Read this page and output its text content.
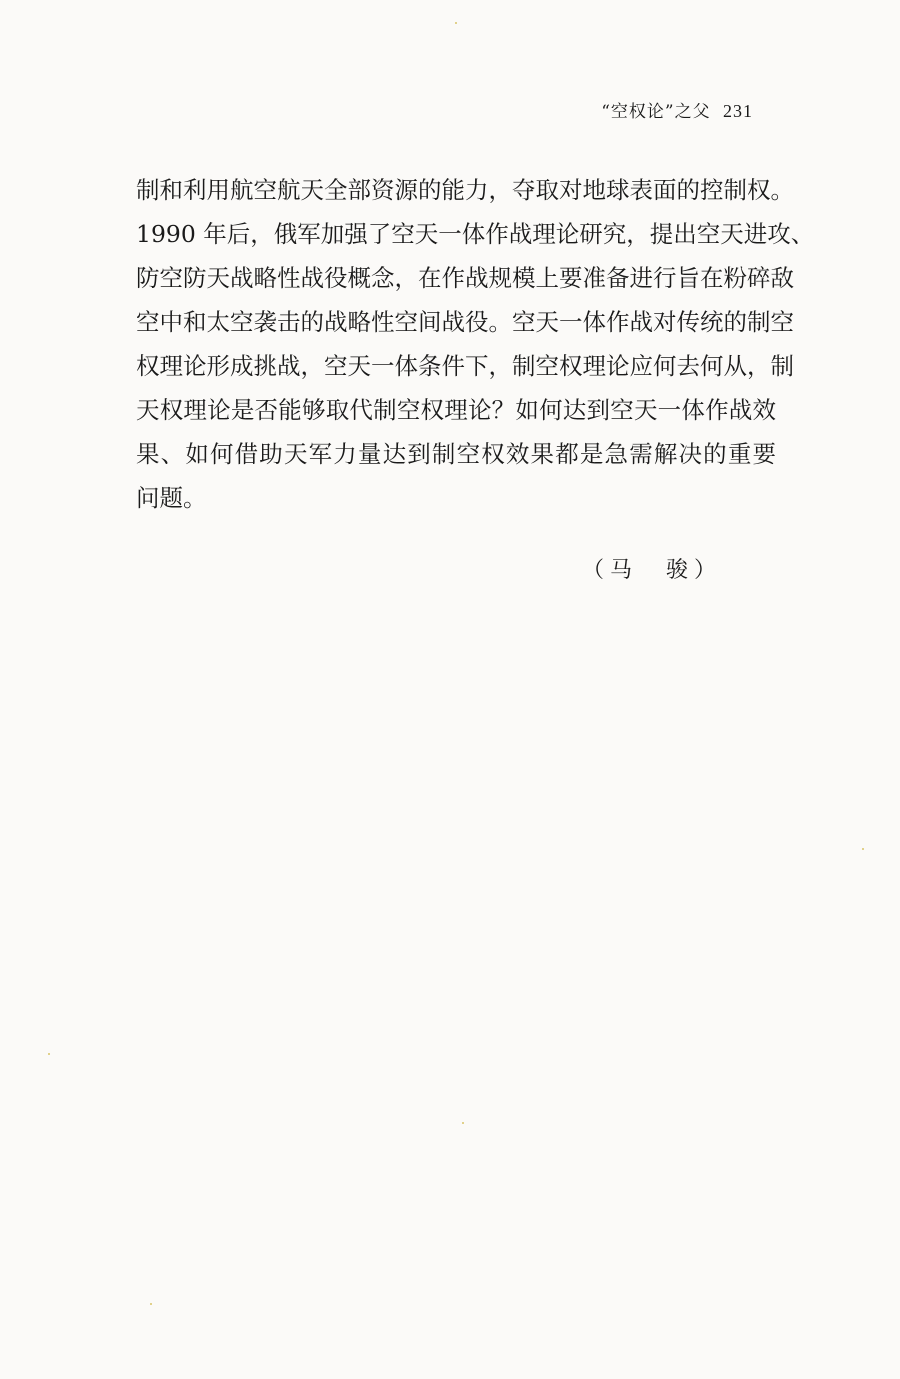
“空权论”之父 231
制和利用航空航天全部资源的能力，夺取对地球表面的控制权。
1990 年后，俄军加强了空天一体作战理论研究，提出空天进攻、
防空防天战略性战役概念，在作战规模上要准备进行旨在粉碎敌
空中和太空袭击的战略性空间战役。空天一体作战对传统的制空
权理论形成挑战，空天一体条件下，制空权理论应何去何从，制
天权理论是否能够取代制空权理论？如何达到空天一体作战效
果、如何借助天军力量达到制空权效果都是急需解决的重要
问题。
（马　骏）
